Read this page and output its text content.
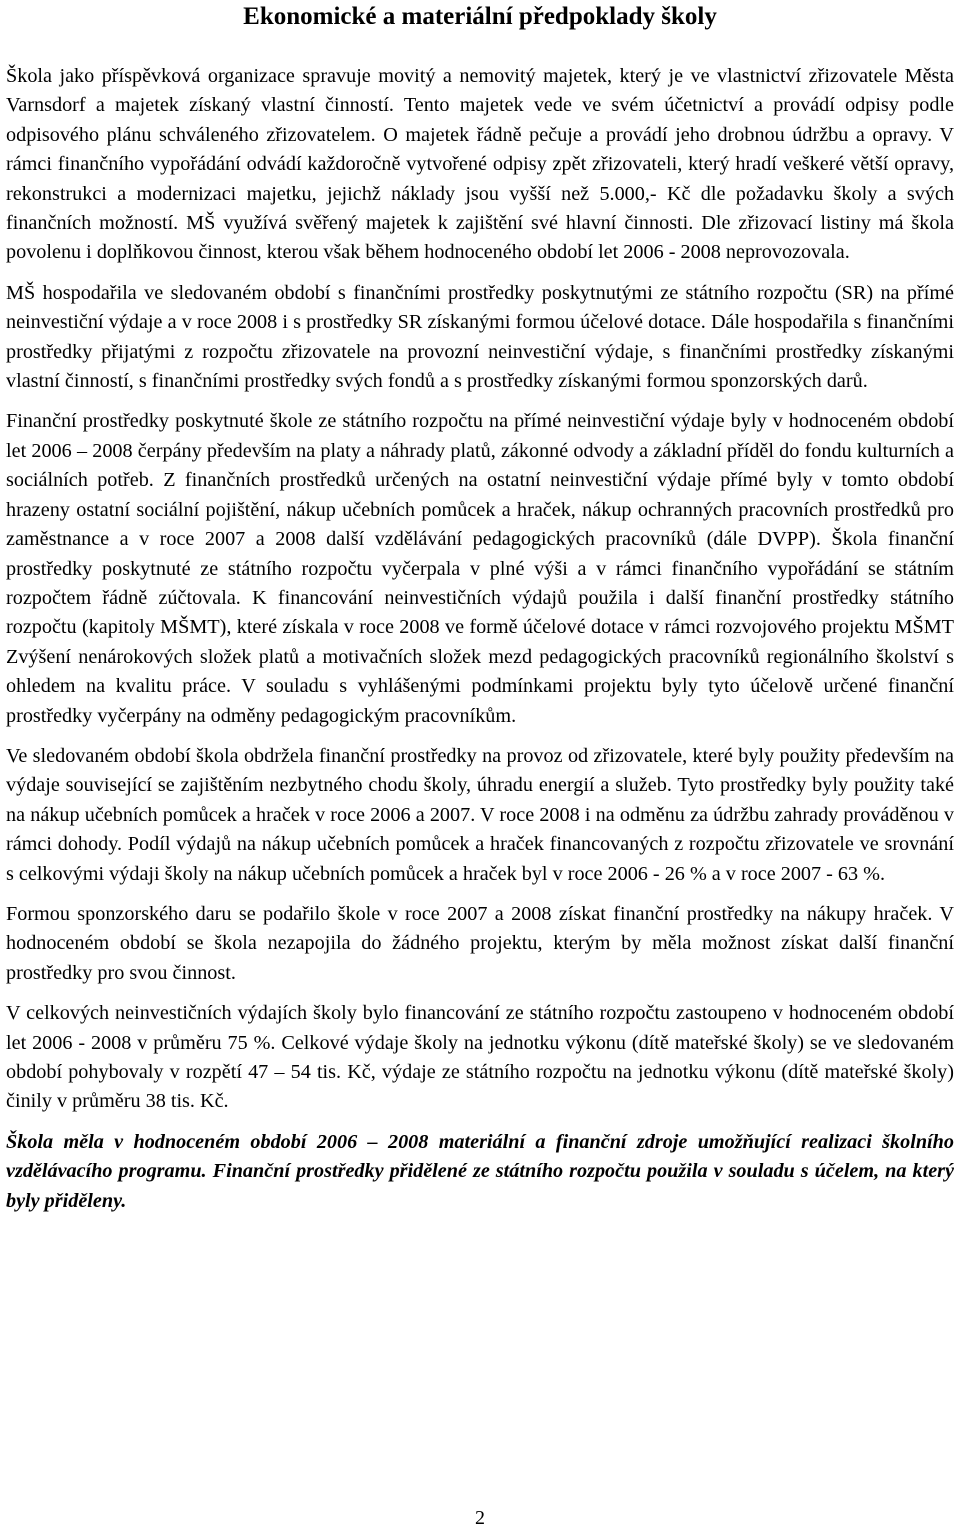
Ekonomické a materiální předpoklady školy

Škola jako příspěvková organizace spravuje movitý a nemovitý majetek, který je ve vlastnictví zřizovatele Města Varnsdorf a majetek získaný vlastní činností. Tento majetek vede ve svém účetnictví a provádí odpisy podle odpisového plánu schváleného zřizovatelem. O majetek řádně pečuje a provádí jeho drobnou údržbu a opravy. V rámci finančního vypořádání odvádí každoročně vytvořené odpisy zpět zřizovateli, který hradí veškeré větší opravy, rekonstrukci a modernizaci majetku, jejichž náklady jsou vyšší než 5.000,- Kč dle požadavku školy a svých finančních možností. MŠ využívá svěřený majetek k zajištění své hlavní činnosti. Dle zřizovací listiny má škola povolenu i doplňkovou činnost, kterou však během hodnoceného období let 2006 - 2008 neprovozovala.

MŠ hospodařila ve sledovaném období s finančními prostředky poskytnutými ze státního rozpočtu (SR) na přímé neinvestiční výdaje a v roce 2008 i s prostředky SR získanými formou účelové dotace. Dále hospodařila s finančními prostředky přijatými z rozpočtu zřizovatele na provozní neinvestiční výdaje, s finančními prostředky získanými vlastní činností, s finančními prostředky svých fondů a s prostředky získanými formou sponzorských darů.

Finanční prostředky poskytnuté škole ze státního rozpočtu na přímé neinvestiční výdaje byly v hodnoceném období let 2006 – 2008 čerpány především na platy a náhrady platů, zákonné odvody a základní příděl do fondu kulturních a sociálních potřeb. Z finančních prostředků určených na ostatní neinvestiční výdaje přímé byly v tomto období hrazeny ostatní sociální pojištění, nákup učebních pomůcek a hraček, nákup ochranných pracovních prostředků pro zaměstnance a v roce 2007 a 2008 další vzdělávání pedagogických pracovníků (dále DVPP). Škola finanční prostředky poskytnuté ze státního rozpočtu vyčerpala v plné výši a v rámci finančního vypořádání se státním rozpočtem řádně zúčtovala. K financování neinvestičních výdajů použila i další finanční prostředky státního rozpočtu (kapitoly MŠMT), které získala v roce 2008 ve formě účelové dotace v rámci rozvojového projektu MŠMT Zvýšení nenárokových složek platů a motivačních složek mezd pedagogických pracovníků regionálního školství s ohledem na kvalitu práce. V souladu s vyhlášenými podmínkami projektu byly tyto účelově určené finanční prostředky vyčerpány na odměny pedagogickým pracovníkům.

Ve sledovaném období škola obdržela finanční prostředky na provoz od zřizovatele, které byly použity především na výdaje související se zajištěním nezbytného chodu školy, úhradu energií a služeb. Tyto prostředky byly použity také na nákup učebních pomůcek a hraček v roce 2006 a 2007. V roce 2008 i na odměnu za údržbu zahrady prováděnou v rámci dohody. Podíl výdajů na nákup učebních pomůcek a hraček financovaných z rozpočtu zřizovatele ve srovnání s celkovými výdaji školy na nákup učebních pomůcek a hraček byl v roce 2006 - 26 % a v roce 2007 - 63 %.

Formou sponzorského daru se podařilo škole v roce 2007 a 2008 získat finanční prostředky na nákupy hraček. V hodnoceném období se škola nezapojila do žádného projektu, kterým by měla možnost získat další finanční prostředky pro svou činnost.

V celkových neinvestičních výdajích školy bylo financování ze státního rozpočtu zastoupeno v hodnoceném období let 2006 - 2008 v průměru 75 %. Celkové výdaje školy na jednotku výkonu (dítě mateřské školy) se ve sledovaném období pohybovaly v rozpětí 47 – 54 tis. Kč, výdaje ze státního rozpočtu na jednotku výkonu (dítě mateřské školy) činily v průměru 38 tis. Kč.

Škola měla v hodnoceném období 2006 – 2008 materiální a finanční zdroje umožňující realizaci školního vzdělávacího programu. Finanční prostředky přidělené ze státního rozpočtu použila v souladu s účelem, na který byly přiděleny.

2
